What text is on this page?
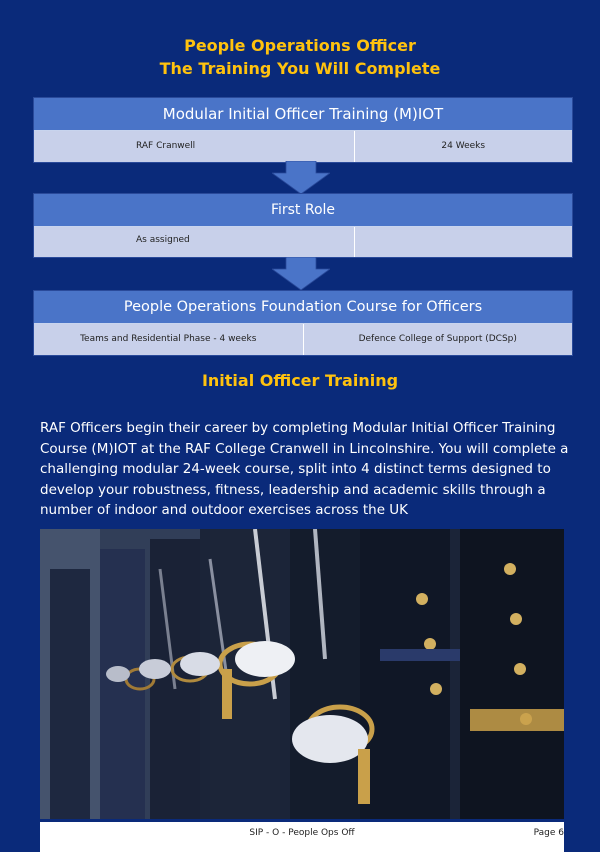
People Operations Officer
The Training You Will Complete
Modular Initial Officer Training (M)IOT
RAF Cranwell	24 Weeks
First Role
As assigned
People Operations Foundation Course for Officers
Teams and Residential Phase - 4 weeks	Defence College of Support (DCSp)
Initial Officer Training
RAF Officers begin their career by completing Modular Initial Officer Training Course (M)IOT at the RAF College Cranwell in Lincolnshire. You will complete a challenging modular 24-week course, split into 4 distinct terms designed to develop your robustness, fitness, leadership and academic skills through a number of indoor and outdoor exercises across the UK
SIP - O - People Ops Off	Page 6
